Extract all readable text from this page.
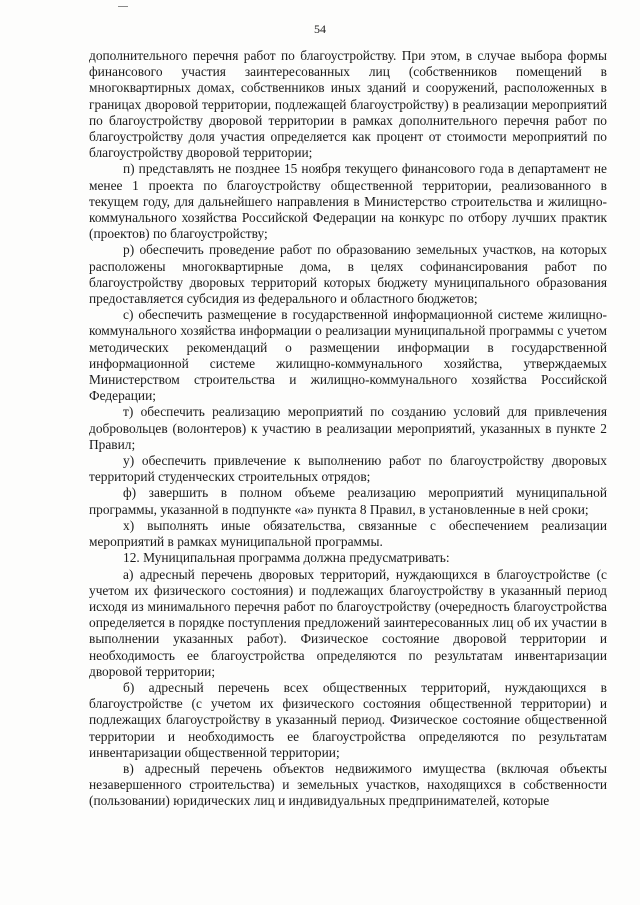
54

дополнительного перечня работ по благоустройству. При этом, в случае выбора формы финансового участия заинтересованных лиц (собственников помещений в многоквартирных домах, собственников иных зданий и сооружений, расположенных в границах дворовой территории, подлежащей благоустройству) в реализации мероприятий по благоустройству дворовой территории в рамках дополнительного перечня работ по благоустройству доля участия определяется как процент от стоимости мероприятий по благоустройству дворовой территории;

п) представлять не позднее 15 ноября текущего финансового года в департамент не менее 1 проекта по благоустройству общественной территории, реализованного в текущем году, для дальнейшего направления в Министерство строительства и жилищно-коммунального хозяйства Российской Федерации на конкурс по отбору лучших практик (проектов) по благоустройству;

р) обеспечить проведение работ по образованию земельных участков, на которых расположены многоквартирные дома, в целях софинансирования работ по благоустройству дворовых территорий которых бюджету муниципального образования предоставляется субсидия из федерального и областного бюджетов;

с) обеспечить размещение в государственной информационной системе жилищно-коммунального хозяйства информации о реализации муниципальной программы с учетом методических рекомендаций о размещении информации в государственной информационной системе жилищно-коммунального хозяйства, утверждаемых Министерством строительства и жилищно-коммунального хозяйства Российской Федерации;

т) обеспечить реализацию мероприятий по созданию условий для привлечения добровольцев (волонтеров) к участию в реализации мероприятий, указанных в пункте 2 Правил;

у) обеспечить привлечение к выполнению работ по благоустройству дворовых территорий студенческих строительных отрядов;

ф) завершить в полном объеме реализацию мероприятий муниципальной программы, указанной в подпункте «а» пункта 8 Правил, в установленные в ней сроки;

х) выполнять иные обязательства, связанные с обеспечением реализации мероприятий в рамках муниципальной программы.

12. Муниципальная программа должна предусматривать:

а) адресный перечень дворовых территорий, нуждающихся в благоустройстве (с учетом их физического состояния) и подлежащих благоустройству в указанный период исходя из минимального перечня работ по благоустройству (очередность благоустройства определяется в порядке поступления предложений заинтересованных лиц об их участии в выполнении указанных работ). Физическое состояние дворовой территории и необходимость ее благоустройства определяются по результатам инвентаризации дворовой территории;

б) адресный перечень всех общественных территорий, нуждающихся в благоустройстве (с учетом их физического состояния общественной территории) и подлежащих благоустройству в указанный период. Физическое состояние общественной территории и необходимость ее благоустройства определяются по результатам инвентаризации общественной территории;

в) адресный перечень объектов недвижимого имущества (включая объекты незавершенного строительства) и земельных участков, находящихся в собственности (пользовании) юридических лиц и индивидуальных предпринимателей, которые
